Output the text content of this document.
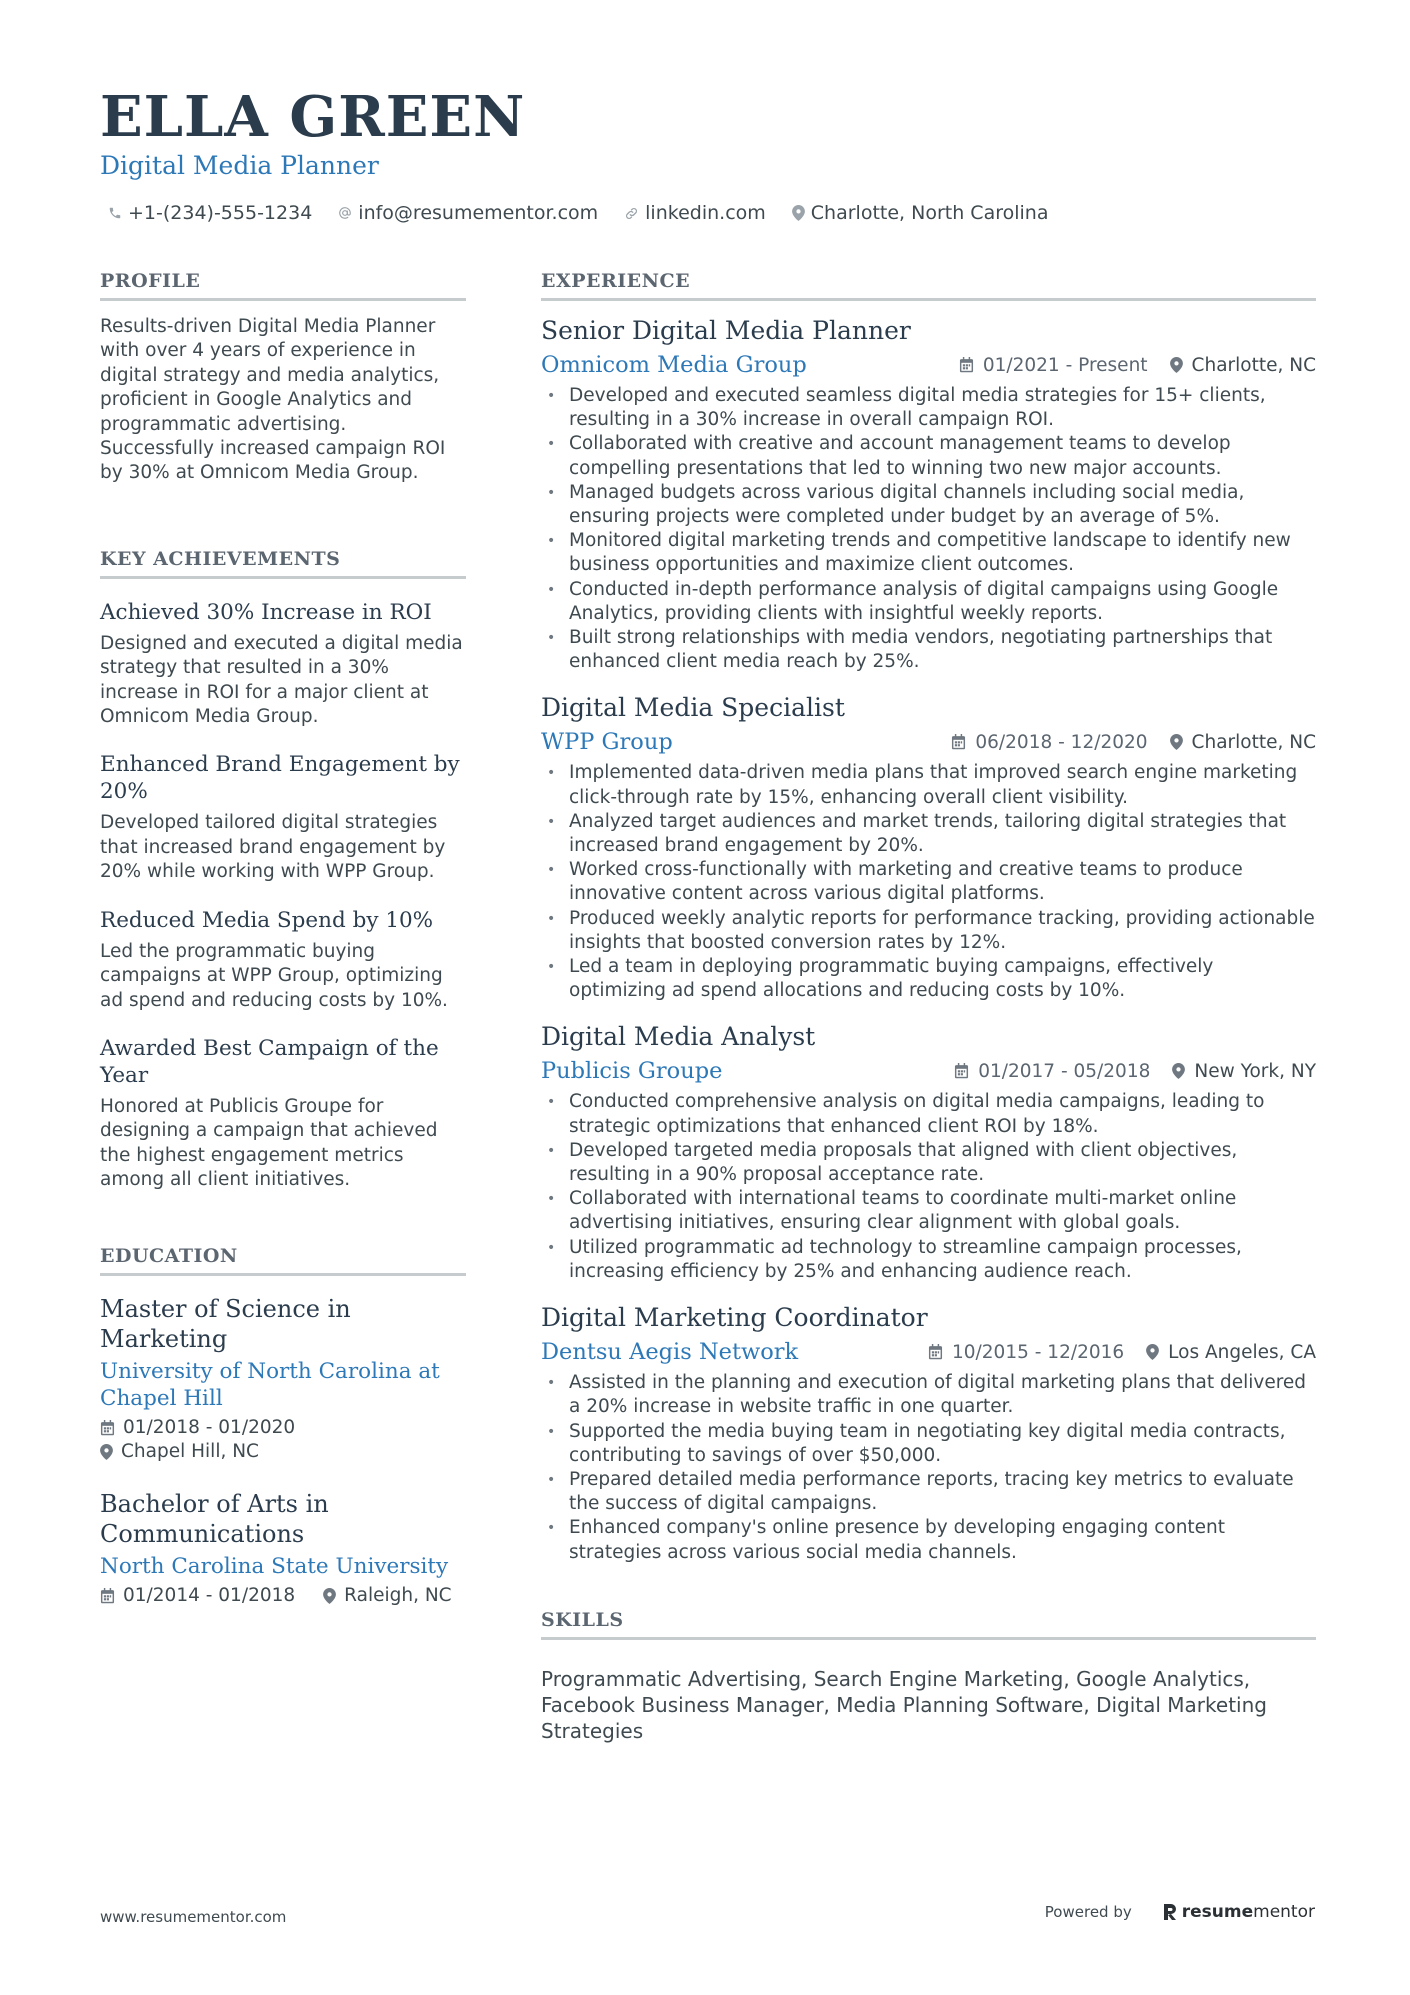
ELLA GREEN
Digital Media Planner
+1-(234)-555-1234 info@resumementor.com linkedin.com Charlotte, North Carolina
PROFILE

Results-driven Digital Media Planner with over 4 years of experience in digital strategy and media analytics, proficient in Google Analytics and programmatic advertising. Successfully increased campaign ROI by 30% at Omnicom Media Group.

KEY ACHIEVEMENTS
Achieved 30% Increase in ROI
Designed and executed a digital media strategy that resulted in a 30% increase in ROI for a major client at Omnicom Media Group.
Enhanced Brand Engagement by 20%
Developed tailored digital strategies that increased brand engagement by 20% while working with WPP Group.
Reduced Media Spend by 10%
Led the programmatic buying campaigns at WPP Group, optimizing ad spend and reducing costs by 10%.
Awarded Best Campaign of the Year
Honored at Publicis Groupe for designing a campaign that achieved the highest engagement metrics among all client initiatives.
EDUCATION
Master of Science in Marketing
University of North Carolina at Chapel Hill
01/2018 - 01/2020
Chapel Hill, NC
Bachelor of Arts in Communications
North Carolina State University
01/2014 - 01/2018	Raleigh, NC
EXPERIENCE
Senior Digital Media Planner
Omnicom Media Group	01/2021 - Present Charlotte, NC
• Developed and executed seamless digital media strategies for 15+ clients, resulting in a 30% increase in overall campaign ROI.
• Collaborated with creative and account management teams to develop compelling presentations that led to winning two new major accounts.
• Managed budgets across various digital channels including social media, ensuring projects were completed under budget by an average of 5%.
• Monitored digital marketing trends and competitive landscape to identify new business opportunities and maximize client outcomes.
• Conducted in-depth performance analysis of digital campaigns using Google Analytics, providing clients with insightful weekly reports.
• Built strong relationships with media vendors, negotiating partnerships that enhanced client media reach by 25%.
Digital Media Specialist
WPP Group	06/2018 - 12/2020 Charlotte, NC
• Implemented data-driven media plans that improved search engine marketing click-through rate by 15%, enhancing overall client visibility.
• Analyzed target audiences and market trends, tailoring digital strategies that increased brand engagement by 20%.
• Worked cross-functionally with marketing and creative teams to produce innovative content across various digital platforms.
• Produced weekly analytic reports for performance tracking, providing actionable insights that boosted conversion rates by 12%.
• Led a team in deploying programmatic buying campaigns, effectively optimizing ad spend allocations and reducing costs by 10%.
Digital Media Analyst
Publicis Groupe	01/2017 - 05/2018 New York, NY
• Conducted comprehensive analysis on digital media campaigns, leading to strategic optimizations that enhanced client ROI by 18%.
• Developed targeted media proposals that aligned with client objectives, resulting in a 90% proposal acceptance rate.
• Collaborated with international teams to coordinate multi-market online advertising initiatives, ensuring clear alignment with global goals.
• Utilized programmatic ad technology to streamline campaign processes, increasing efficiency by 25% and enhancing audience reach.
Digital Marketing Coordinator
Dentsu Aegis Network	10/2015 - 12/2016 Los Angeles, CA
• Assisted in the planning and execution of digital marketing plans that delivered a 20% increase in website traffic in one quarter.
• Supported the media buying team in negotiating key digital media contracts, contributing to savings of over $50,000.
• Prepared detailed media performance reports, tracing key metrics to evaluate the success of digital campaigns.
• Enhanced company's online presence by developing engaging content strategies across various social media channels.
SKILLS

Programmatic Advertising, Search Engine Marketing, Google Analytics, Facebook Business Manager, Media Planning Software, Digital Marketing Strategies

www.resumementor.com	Powered by	resume mentor
